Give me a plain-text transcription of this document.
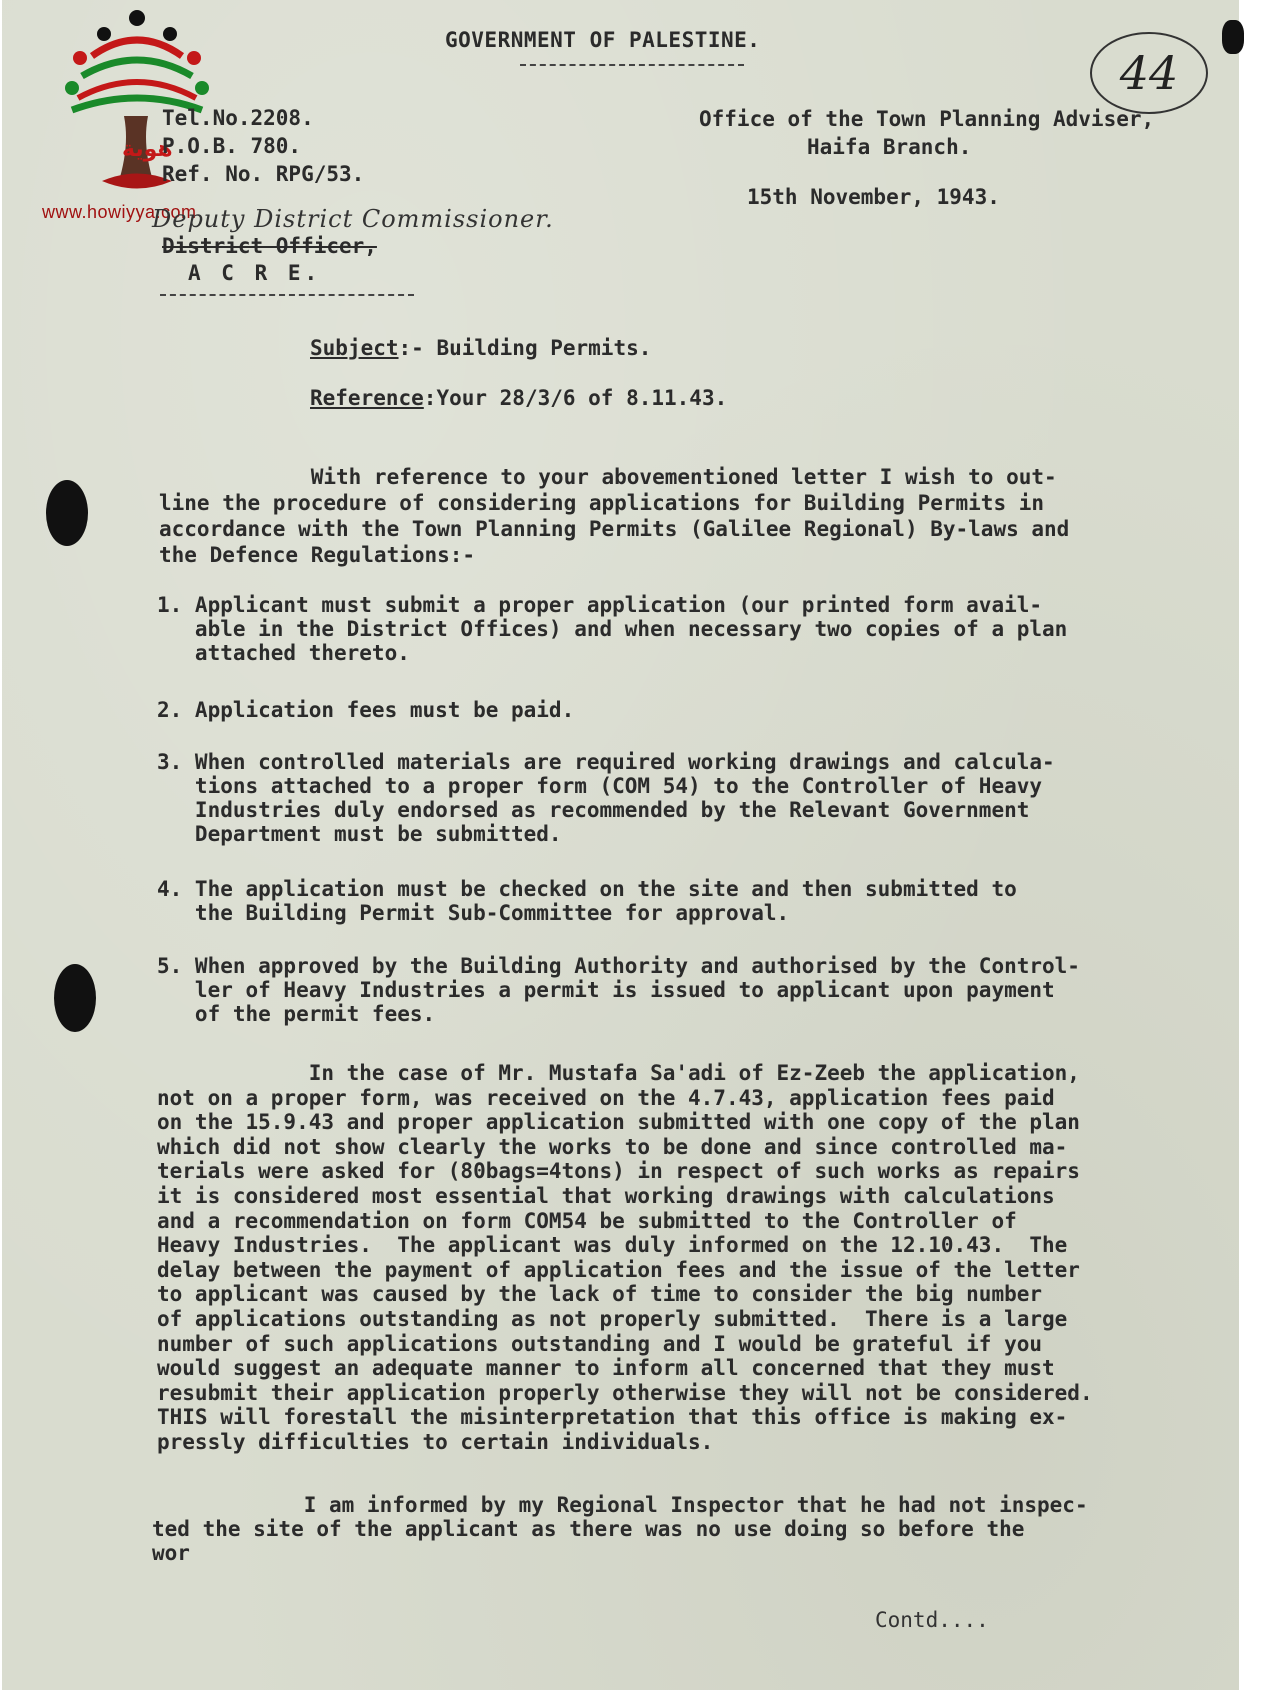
هوية
www.howiyya.com
GOVERNMENT OF PALESTINE.
44
Tel.No.2208.
P.O.B. 780.
Ref. No. RPG/53.
Office of the Town Planning Adviser,
Haifa Branch.
15th November, 1943.
Deputy District Commissioner.
District Officer,
A C R E.
Subject:- Building Permits.
Reference:Your 28/3/6 of 8.11.43.
With reference to your abovementioned letter I wish to out-
line the procedure of considering applications for Building Permits in
accordance with the Town Planning Permits (Galilee Regional) By-laws and
the Defence Regulations:-
1. Applicant must submit a proper application (our printed form avail-
able in the District Offices) and when necessary two copies of a plan
attached thereto.
2. Application fees must be paid.
3. When controlled materials are required working drawings and calcula-
tions attached to a proper form (COM 54) to the Controller of Heavy
Industries duly endorsed as recommended by the Relevant Government
Department must be submitted.
4. The application must be checked on the site and then submitted to
the Building Permit Sub-Committee for approval.
5. When approved by the Building Authority and authorised by the Control-
ler of Heavy Industries a permit is issued to applicant upon payment
of the permit fees.
In the case of Mr. Mustafa Sa'adi of Ez-Zeeb the application,
not on a proper form, was received on the 4.7.43, application fees paid
on the 15.9.43 and proper application submitted with one copy of the plan
which did not show clearly the works to be done and since controlled ma-
terials were asked for (80bags=4tons) in respect of such works as repairs
it is considered most essential that working drawings with calculations
and a recommendation on form COM54 be submitted to the Controller of
Heavy Industries.  The applicant was duly informed on the 12.10.43.  The
delay between the payment of application fees and the issue of the letter
to applicant was caused by the lack of time to consider the big number
of applications outstanding as not properly submitted.  There is a large
number of such applications outstanding and I would be grateful if you
would suggest an adequate manner to inform all concerned that they must
resubmit their application properly otherwise they will not be considered.
THIS will forestall the misinterpretation that this office is making ex-
pressly difficulties to certain individuals.
I am informed by my Regional Inspector that he had not inspec-
ted the site of the applicant as there was no use doing so before the
wor
Contd....
